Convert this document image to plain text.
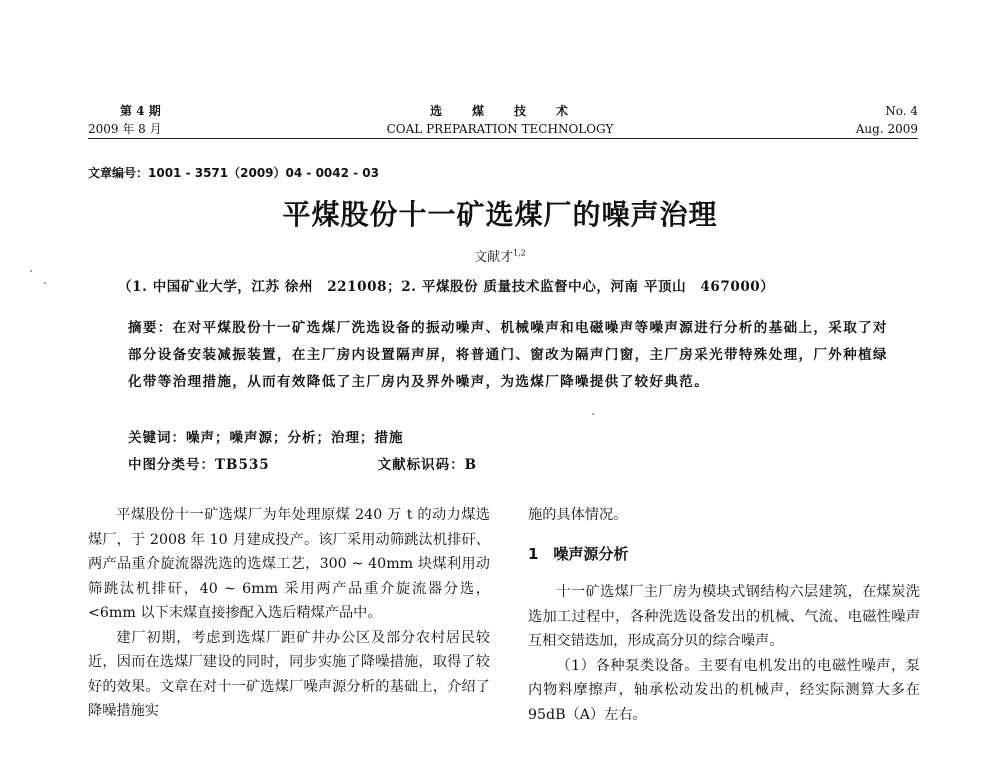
第 4 期
2009 年 8 月
选　　煤　　技　　术
COAL PREPARATION TECHNOLOGY
No. 4
Aug. 2009
文章编号：1001 - 3571（2009）04 - 0042 - 03
平煤股份十一矿选煤厂的噪声治理
文献才$^{1,2}$
（1. 中国矿业大学，江苏 徐州　221008；2. 平煤股份 质量技术监督中心，河南 平顶山　467000）
摘要：在对平煤股份十一矿选煤厂洗选设备的振动噪声、机械噪声和电磁噪声等噪声源进行分析的基础上，采取了对部分设备安装减振装置，在主厂房内设置隔声屏，将普通门、窗改为隔声门窗，主厂房采光带特殊处理，厂外种植绿化带等治理措施，从而有效降低了主厂房内及界外噪声，为选煤厂降噪提供了较好典范。
关键词：噪声；噪声源；分析；治理；措施
中图分类号：TB535	文献标识码：B

平煤股份十一矿选煤厂为年处理原煤 240 万 t 的动力煤选煤厂，于 2008 年 10 月建成投产。该厂采用动筛跳汰机排矸、两产品重介旋流器洗选的选煤工艺，300 ~ 40mm 块煤利用动筛跳汰机排矸，40 ~ 6mm 采用两产品重介旋流器分选，<6mm 以下末煤直接掺配入选后精煤产品中。

建厂初期，考虑到选煤厂距矿井办公区及部分农村居民较近，因而在选煤厂建设的同时，同步实施了降噪措施，取得了较好的效果。文章在对十一矿选煤厂噪声源分析的基础上，介绍了降噪措施实

施的具体情况。

1　噪声源分析

十一矿选煤厂主厂房为模块式钢结构六层建筑，在煤炭洗选加工过程中，各种洗选设备发出的机械、气流、电磁性噪声互相交错迭加，形成高分贝的综合噪声。

（1）各种泵类设备。主要有电机发出的电磁性噪声，泵内物料摩擦声，轴承松动发出的机械声，经实际测算大多在 95dB（A）左右。
